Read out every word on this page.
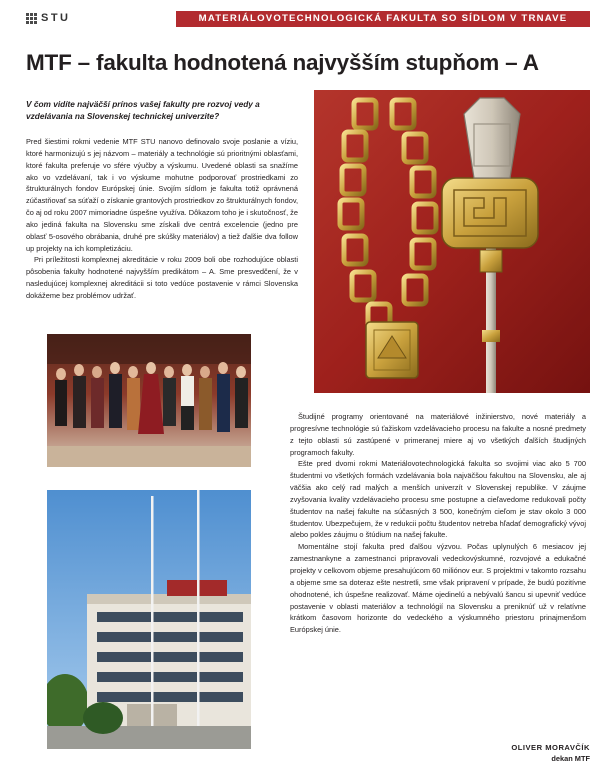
STU	MATERIÁLOVOTECHNOLOGICKÁ FAKULTA SO SÍDLOM V TRNAVE
MTF – fakulta hodnotená najvyšším stupňom – A

V čom vidíte najväčší prínos vašej fakulty pre rozvoj vedy a vzdelávania na Slovenskej technickej univerzite?

Pred šiestimi rokmi vedenie MTF STU nanovo definovalo svoje poslanie a víziu, ktoré harmonizujú s jej názvom – materiály a technológie sú prioritnými oblasťami, ktoré fakulta preferuje vo sfére výučby a výskumu. Uvedené oblasti sa snažíme ako vo vzdelávaní, tak i vo výskume mohutne podporovať prostriedkami zo štrukturálnych fondov Európskej únie. Svojím sídlom je fakulta totiž oprávnená zúčastňovať sa súťaží o získanie grantových prostriedkov zo štrukturálnych fondov, čo aj od roku 2007 mimoriadne úspešne využíva. Dôkazom toho je i skutočnosť, že ako jediná fakulta na Slovensku sme získali dve centrá excelencie (jedno pre oblasť 5-osového obrábania, druhé pre skúšky materiálov) a tiež ďalšie dva follow up projekty na ich kompletizáciu.

Pri príležitosti komplexnej akreditácie v roku 2009 boli obe rozhodujúce oblasti pôsobenia fakulty hodnotené najvyšším predikátom – A. Sme presvedčení, že v nasledujúcej komplexnej akreditácii si toto vedúce postavenie v rámci Slovenska dokážeme bez problémov udržať.

Študijné programy orientované na materiálové inžinierstvo, nové materiály a progresívne technológie sú ťažiskom vzdelávacieho procesu na fakulte a nosné predmety z tejto oblasti sú zastúpené v primeranej miere aj vo všetkých ďalších študijných programoch fakulty.

Ešte pred dvomi rokmi Materiálovotechnologická fakulta so svojimi viac ako 5 700 študentmi vo všetkých formách vzdelávania bola najväčšou fakultou na Slovensku, ale aj väčšia ako celý rad malých a menších univerzít v Slovenskej republike. V záujme zvyšovania kvality vzdelávacieho procesu sme postupne a cieľavedome redukovali počty študentov na našej fakulte na súčasných 3 500, konečným cieľom je stav okolo 3 000 študentov. Ubezpečujem, že v redukcii počtu študentov netreba hľadať demografický vývoj alebo pokles záujmu o štúdium na našej fakulte.

Momentálne stojí fakulta pred ďalšou výzvou. Počas uplynulých 6 mesiacov jej zamestnankyne a zamestnanci pripravovali vedeckovýskumné, rozvojové a edukačné projekty v celkovom objeme presahujúcom 60 miliónov eur. S projektmi v takomto rozsahu a objeme sme sa doteraz ešte nestretli, sme však pripravení v prípade, že budú pozitívne ohodnotené, ich úspešne realizovať. Máme ojedinelú a nebývalú šancu si upevniť vedúce postavenie v oblasti materiálov a technológií na Slovensku a preniknúť už v relatívne krátkom časovom horizonte do vedeckého a výskumného priestoru prinajmenšom Európskej únie.

OLIVER MORAVČÍK
dekan MTF
